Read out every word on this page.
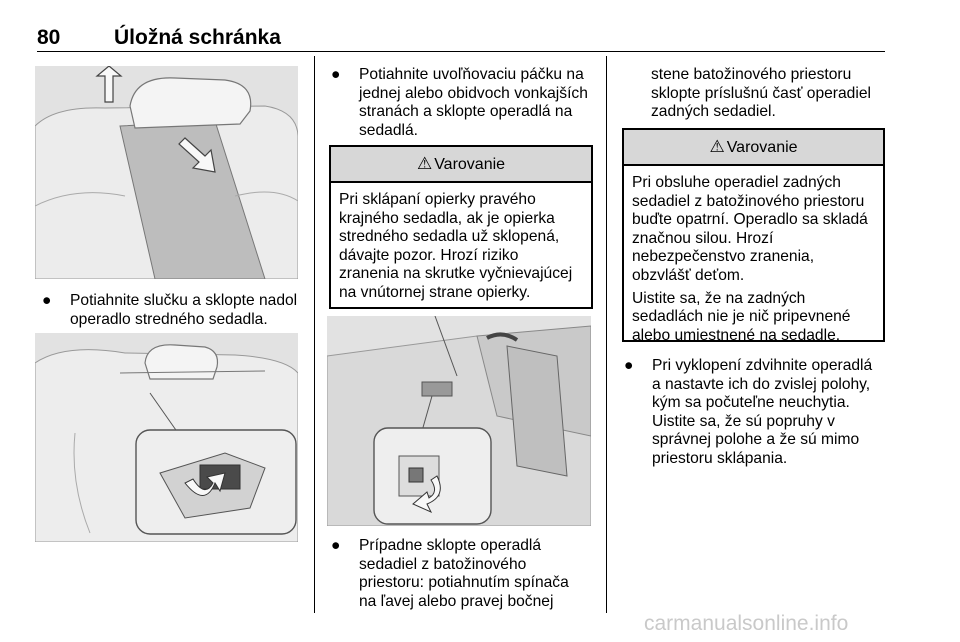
80	Úložná schránka
● Potiahnite slučku a sklopte nadol
operadlo stredného sedadla.
● Potiahnite uvoľňovaciu páčku na
jednej alebo obidvoch vonkajších
stranách a sklopte operadlá na
sedadlá.
⚠ Varovanie
Pri sklápaní opierky pravého
krajného sedadla, ak je opierka
stredného sedadla už sklopená,
dávajte pozor. Hrozí riziko
zranenia na skrutke vyčnievajúcej
na vnútornej strane opierky.
● Prípadne sklopte operadlá
sedadiel z batožinového
priestoru: potiahnutím spínača
na ľavej alebo pravej bočnej
stene batožinového priestoru
sklopte príslušnú časť operadiel
zadných sedadiel.
⚠ Varovanie

Pri obsluhe operadiel zadných
sedadiel z batožinového priestoru
buďte opatrní. Operadlo sa skladá
značnou silou. Hrozí
nebezpečenstvo zranenia,
obzvlášť deťom.

Uistite sa, že na zadných
sedadlách nie je nič pripevnené
alebo umiestnené na sedadle.

● Pri vyklopení zdvihnite operadlá
a nastavte ich do zvislej polohy,
kým sa počuteľne neuchytia.
Uistite sa, že sú popruhy v
správnej polohe a že sú mimo
priestoru sklápania.
carmanualsonline.info
